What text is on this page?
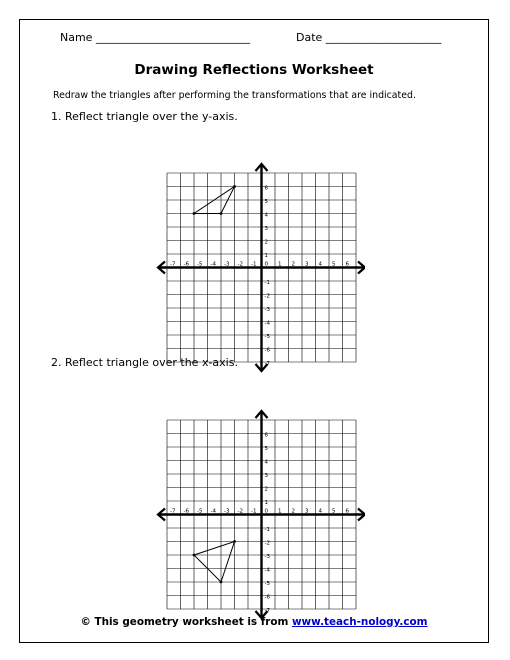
Name ____________________________	Date _____________________
Drawing Reflections Worksheet
Redraw the triangles after performing the transformations that are indicated.
1. Reflect triangle over the y-axis.
-7 -6 -5 -4 -3 -2 -1 0 1 2 3 4 5 6
6
5
4
3
2
1
-1
-2
-3
-4
-5
-6
-7
2. Reflect triangle over the x-axis.
-7 -6 -5 -4 -3 -2 -1 0 1 2 3 4 5 6
6
5
4
3
2
1
-1
-2
-3
-4
-5
-6
-7
© This geometry worksheet is from www.teach-nology.com
